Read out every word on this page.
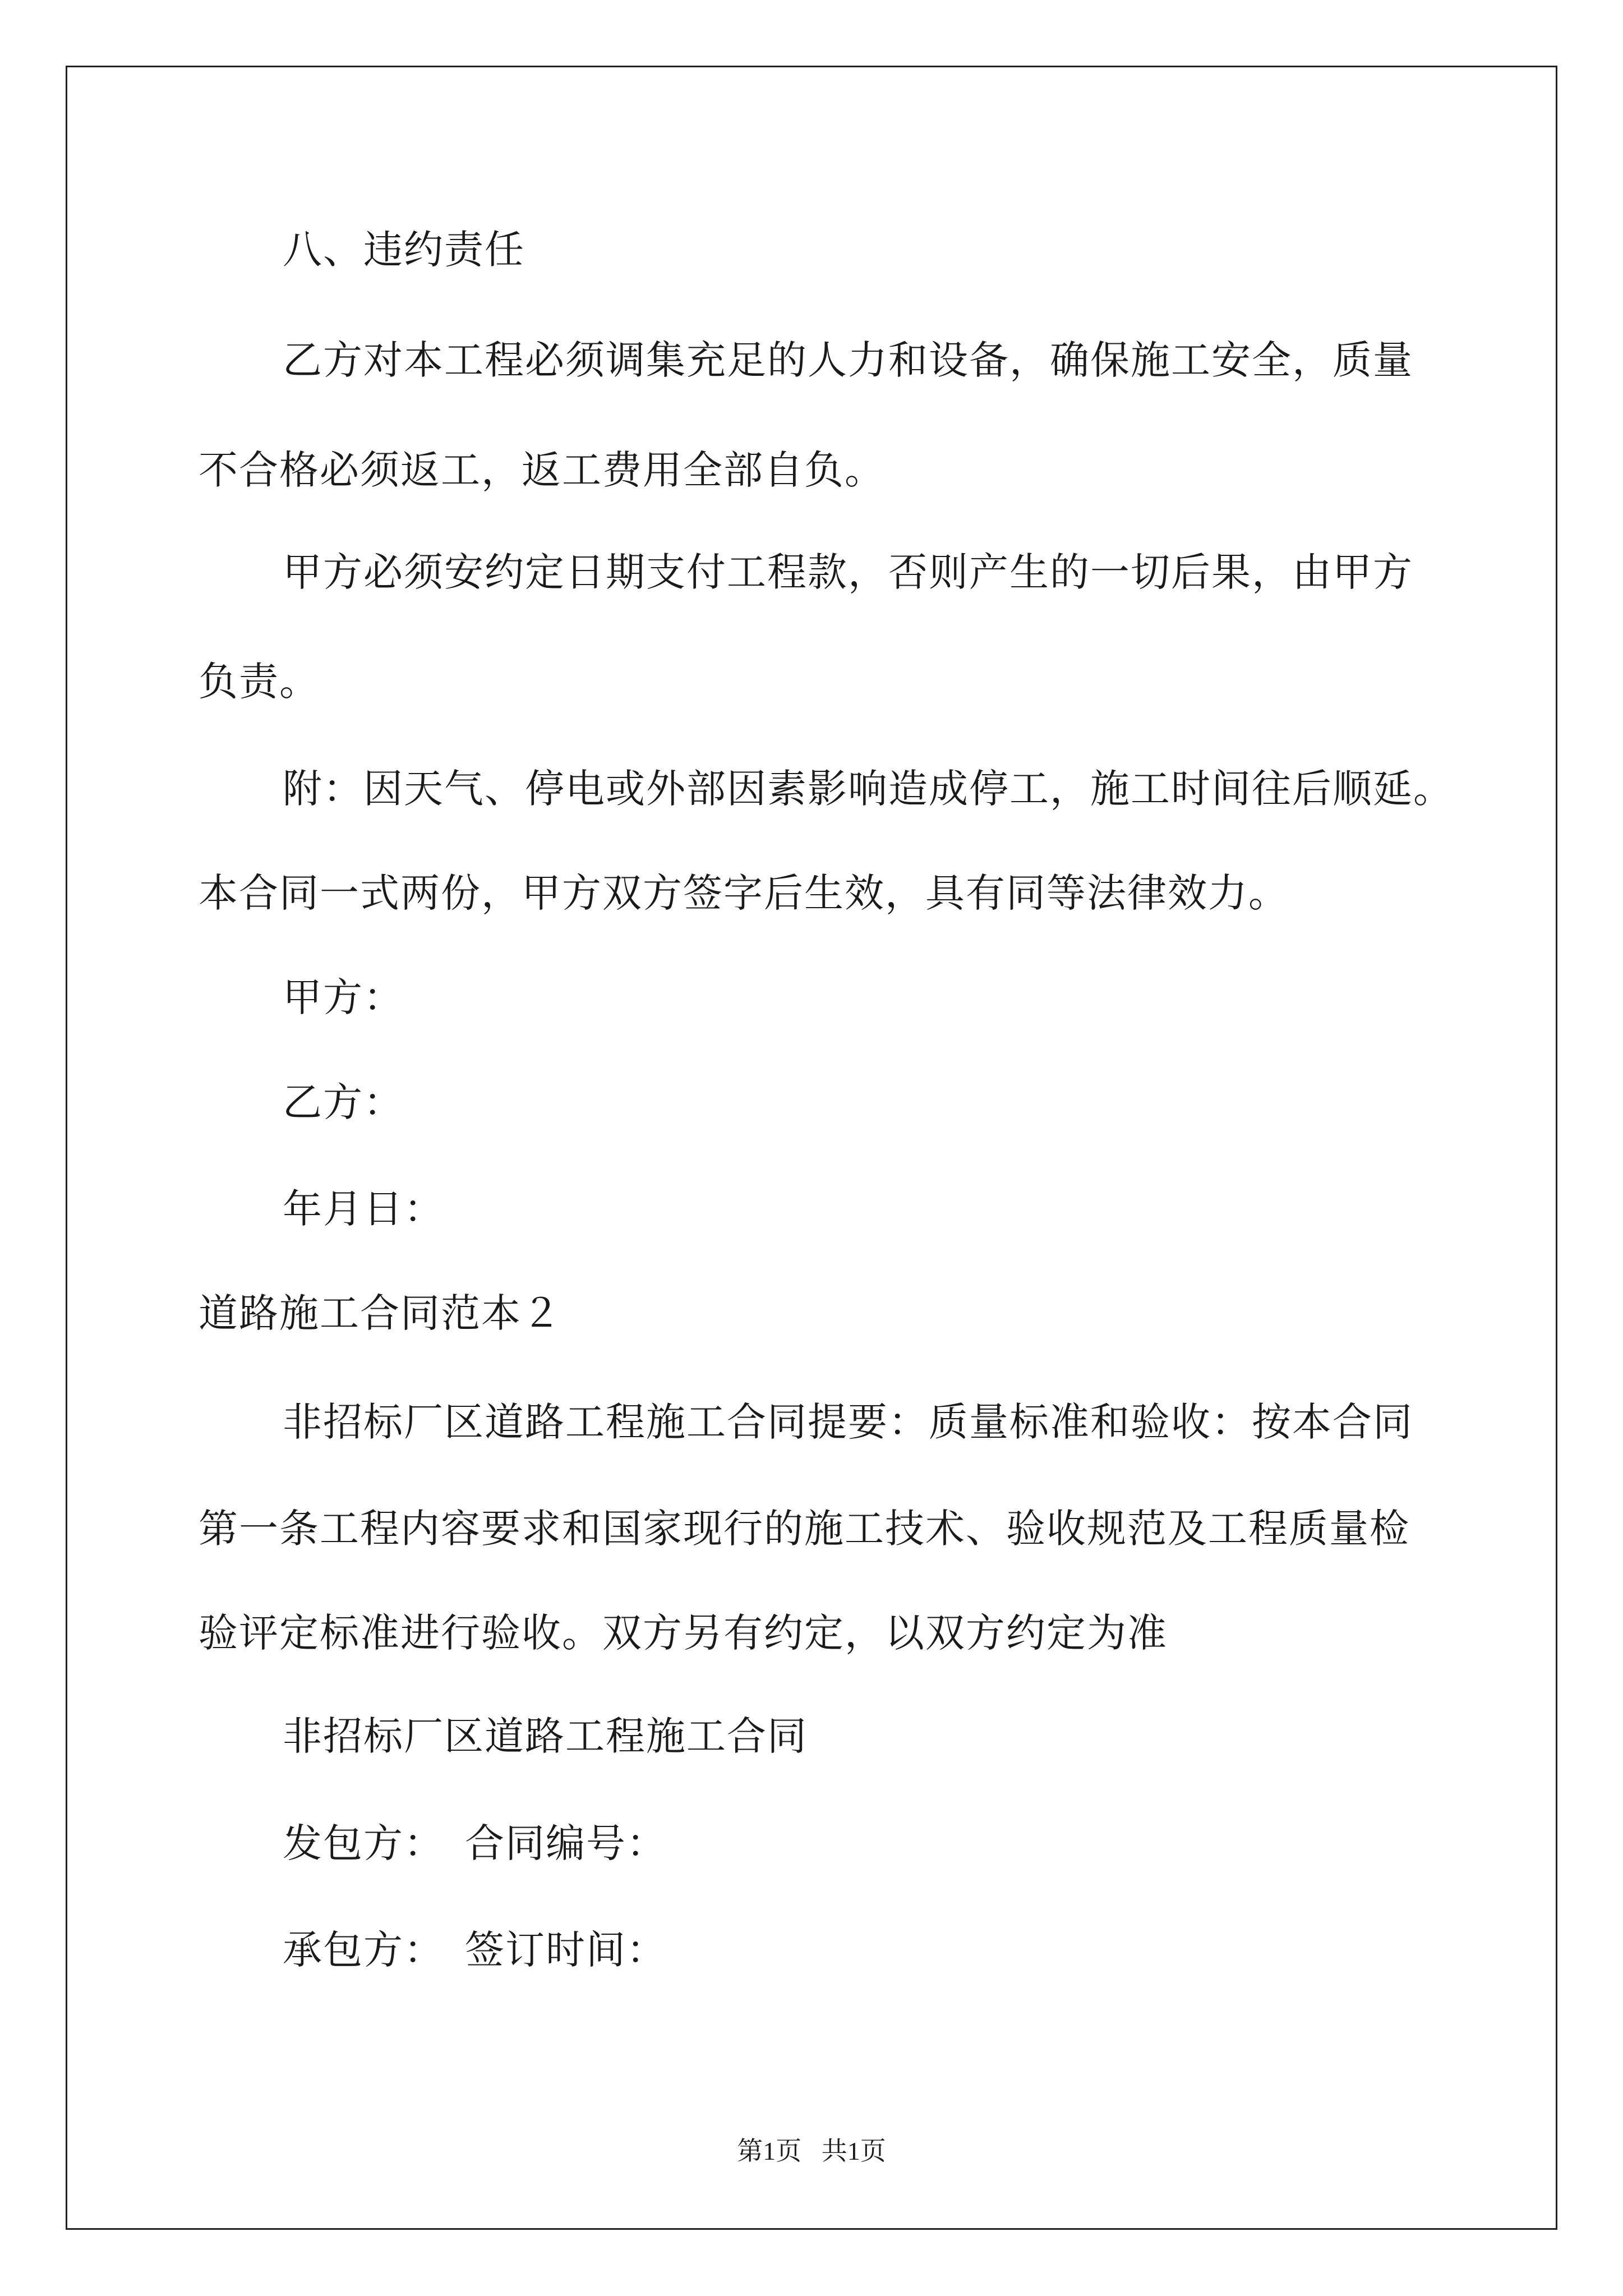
八、违约责任
乙方对本工程必须调集充足的人力和设备，确保施工安全，质量
不合格必须返工，返工费用全部自负。
甲方必须安约定日期支付工程款，否则产生的一切后果，由甲方
负责。
附：因天气、停电或外部因素影响造成停工，施工时间往后顺延。
本合同一式两份，甲方双方签字后生效，具有同等法律效力。
甲方：
乙方：
年月日：
道路施工合同范本２
非招标厂区道路工程施工合同提要：质量标准和验收：按本合同
第一条工程内容要求和国家现行的施工技术、验收规范及工程质量检
验评定标准进行验收。双方另有约定，以双方约定为准
非招标厂区道路工程施工合同
发包方：　合同编号：
承包方：　签订时间：
第1页 共1页
